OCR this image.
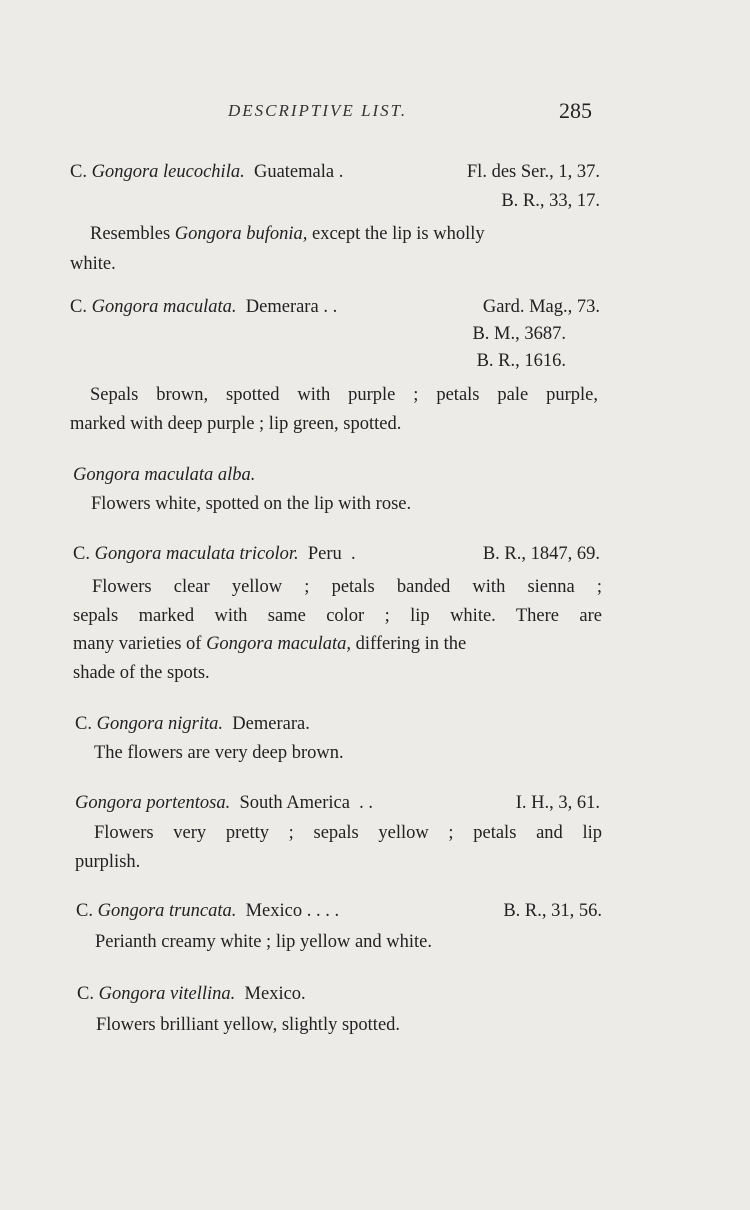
DESCRIPTIVE LIST.	285
C. Gongora leucochila. Guatemala .	Fl. des Ser., 1, 37.
B. R., 33, 17.
Resembles Gongora bufonia, except the lip is wholly
white.
C. Gongora maculata. Demerara . .	Gard. Mag., 73.
B. M., 3687.
B. R., 1616.
Sepals brown, spotted with purple ; petals pale purple,
marked with deep purple ; lip green, spotted.
Gongora maculata alba.
Flowers white, spotted on the lip with rose.
C. Gongora maculata tricolor. Peru .	B. R., 1847, 69.
Flowers clear yellow ; petals banded with sienna ;
sepals marked with same color ; lip white. There are
many varieties of Gongora maculata, differing in the
shade of the spots.
C. Gongora nigrita. Demerara.
The flowers are very deep brown.
Gongora portentosa. South America . .	I. H., 3, 61.
Flowers very pretty ; sepals yellow ; petals and lip
purplish.
C. Gongora truncata. Mexico . . . .	B. R., 31, 56.
Perianth creamy white ; lip yellow and white.
C. Gongora vitellina. Mexico.
Flowers brilliant yellow, slightly spotted.
